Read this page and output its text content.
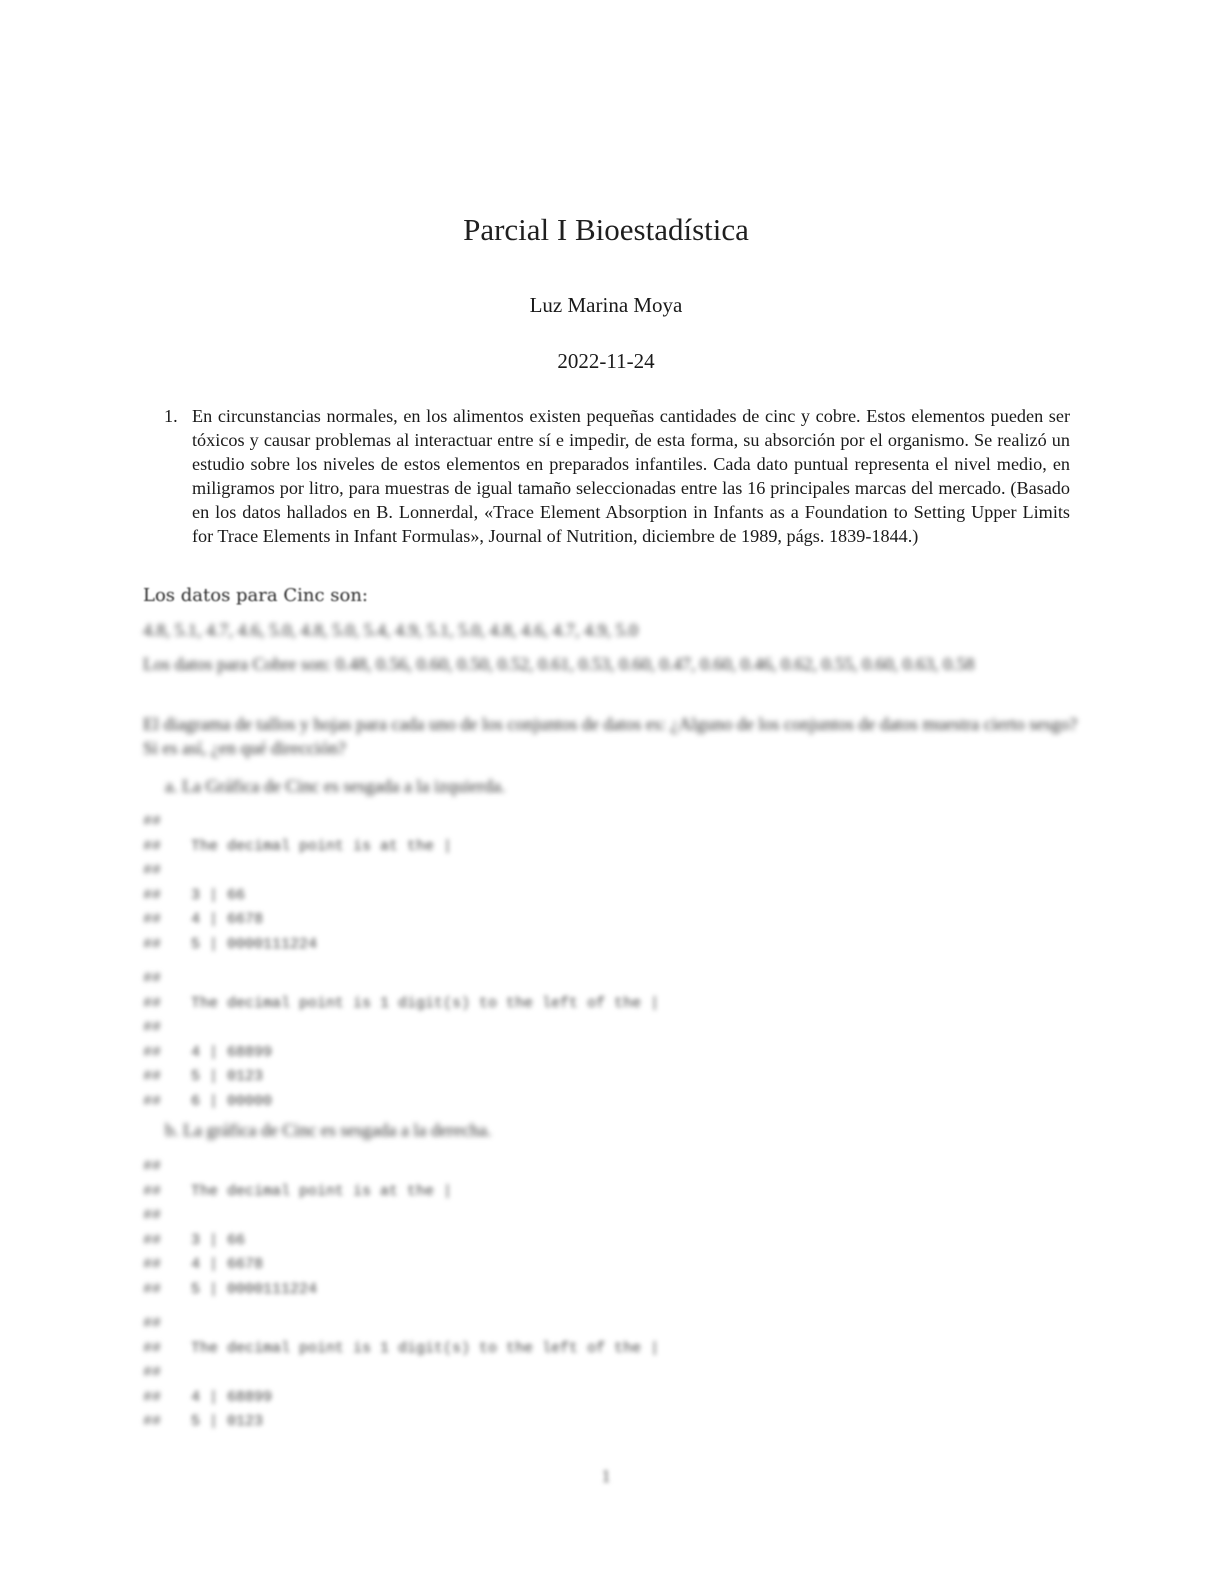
Parcial I Bioestadística
Luz Marina Moya
2022-11-24
1. En circunstancias normales, en los alimentos existen pequeñas cantidades de cinc y cobre. Estos elementos pueden ser tóxicos y causar problemas al interactuar entre sí e impedir, de esta forma, su absorción por el organismo. Se realizó un estudio sobre los niveles de estos elementos en preparados infantiles. Cada dato puntual representa el nivel medio, en miligramos por litro, para muestras de igual tamaño seleccionadas entre las 16 principales marcas del mercado. (Basado en los datos hallados en B. Lonnerdal, «Trace Element Absorption in Infants as a Foundation to Setting Upper Limits for Trace Elements in Infant Formulas», Journal of Nutrition, diciembre de 1989, págs. 1839-1844.)
Los datos para Cinc son:
4.8, 5.1, 4.7, 4.6, 5.0, 4.8, 5.0, 5.4, 4.9, 5.1, 5.0, 4.8, 4.6, 4.7, 4.9, 5.0
Los datos para Cobre son: 0.48, 0.56, 0.60, 0.50, 0.52, 0.61, 0.53, 0.60, 0.47, 0.60, 0.46, 0.62, 0.55, 0.60, 0.63, 0.58
El diagrama de tallos y hojas para cada uno de los conjuntos de datos es: ¿Alguno de los conjuntos de datos muestra cierto sesgo? Si es así, ¿en qué dirección?
a. La Gráfica de Cinc es sesgada a la izquierda.
##
## The decimal point is at the |
##
## 3 | 66
## 4 | 6678
## 5 | 0000111224
##
## The decimal point is 1 digit(s) to the left of the |
##
## 4 | 68899
## 5 | 0123
## 6 | 00000
b. La gráfica de Cinc es sesgada a la derecha.
##
## The decimal point is at the |
##
## 3 | 66
## 4 | 6678
## 5 | 0000111224
##
## The decimal point is 1 digit(s) to the left of the |
##
## 4 | 68899
## 5 | 0123
1
